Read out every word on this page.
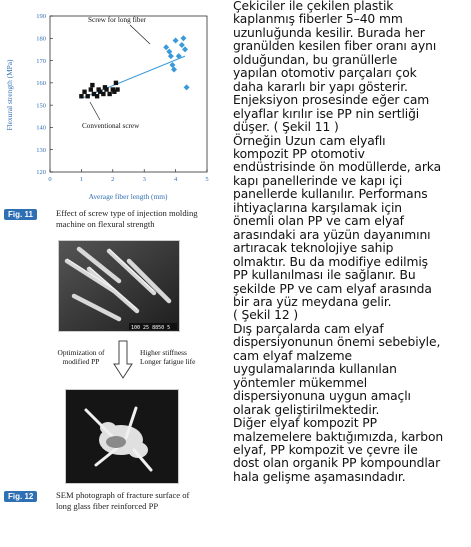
0	1	2	3	4	5
120
130
140
150
160
170
180
190	Screw for long fiber
Conventional screw
Average fiber length (mm)
Flexural strength (MPa)
Fig. 11	Effect of screw type of injection molding
machine on flexural strength
100 25 8850 5
Optimization of
modified PP
Higher stiffness
Longer fatigue life
Fig. 12	SEM photograph of fracture surface of
long glass fiber reinforced PP

Çekiciler ile çekilen plastik
kaplanmış fiberler 5–40 mm
uzunluğunda kesilir. Burada her
granülden kesilen fiber oranı aynı
olduğundan, bu granüllerle
yapılan otomotiv parçaları çok
daha kararlı bir yapı gösterir.
Enjeksiyon prosesinde eğer cam
elyaflar kırılır ise PP nin sertliği
düşer. ( Şekil 11 )
Örneğin Uzun cam elyaflı
kompozit PP otomotiv
endüstrisinde ön modüllerde, arka
kapı panellerinde ve kapı içi
panellerde kullanılır. Performans
ihtiyaçlarına karşılamak için
önemli olan PP ve cam elyaf
arasındaki ara yüzün dayanımını
artıracak teknolojiye sahip
olmaktır. Bu da modifiye edilmiş
PP kullanılması ile sağlanır. Bu
şekilde PP ve cam elyaf arasında
bir ara yüz meydana gelir.
( Şekil 12 )
Dış parçalarda cam elyaf
dispersiyonunun önemi sebebiyle,
cam elyaf malzeme
uygulamalarında kullanılan
yöntemler mükemmel
dispersiyonuna uygun amaçlı
olarak geliştirilmektedir.
Diğer elyaf kompozit PP
malzemelere baktığımızda, karbon
elyaf, PP kompozit ve çevre ile
dost olan organik PP kompoundlar
hala gelişme aşamasındadır.
